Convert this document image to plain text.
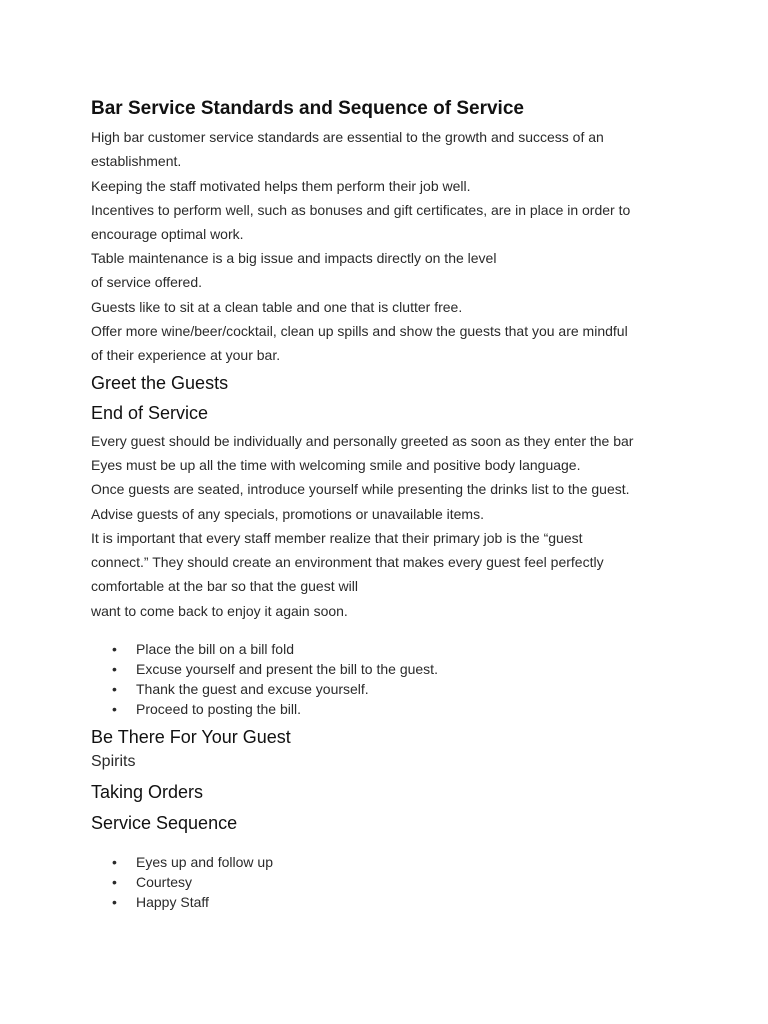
Bar Service Standards and Sequence of Service
High bar customer service standards are essential to the growth and success of an
establishment.
Keeping the staff motivated helps them perform their job well.
Incentives to perform well, such as bonuses and gift certificates, are in place in order to
encourage optimal work.
Table maintenance is a big issue and impacts directly on the level
of service offered.
Guests like to sit at a clean table and one that is clutter free.
Offer more wine/beer/cocktail, clean up spills and show the guests that you are mindful
of their experience at your bar.
Greet the Guests
End of Service
Every guest should be individually and personally greeted as soon as they enter the bar
Eyes must be up all the time with welcoming smile and positive body language.
Once guests are seated, introduce yourself while presenting the drinks list to the guest.
Advise guests of any specials, promotions or unavailable items.
It is important that every staff member realize that their primary job is the “guest
connect.” They should create an environment that makes every guest feel perfectly
comfortable at the bar so that the guest will
want to come back to enjoy it again soon.
• Place the bill on a bill fold
• Excuse yourself and present the bill to the guest.
• Thank the guest and excuse yourself.
• Proceed to posting the bill.
Be There For Your Guest
Spirits
Taking Orders
Service Sequence
• Eyes up and follow up
• Courtesy
• Happy Staff
